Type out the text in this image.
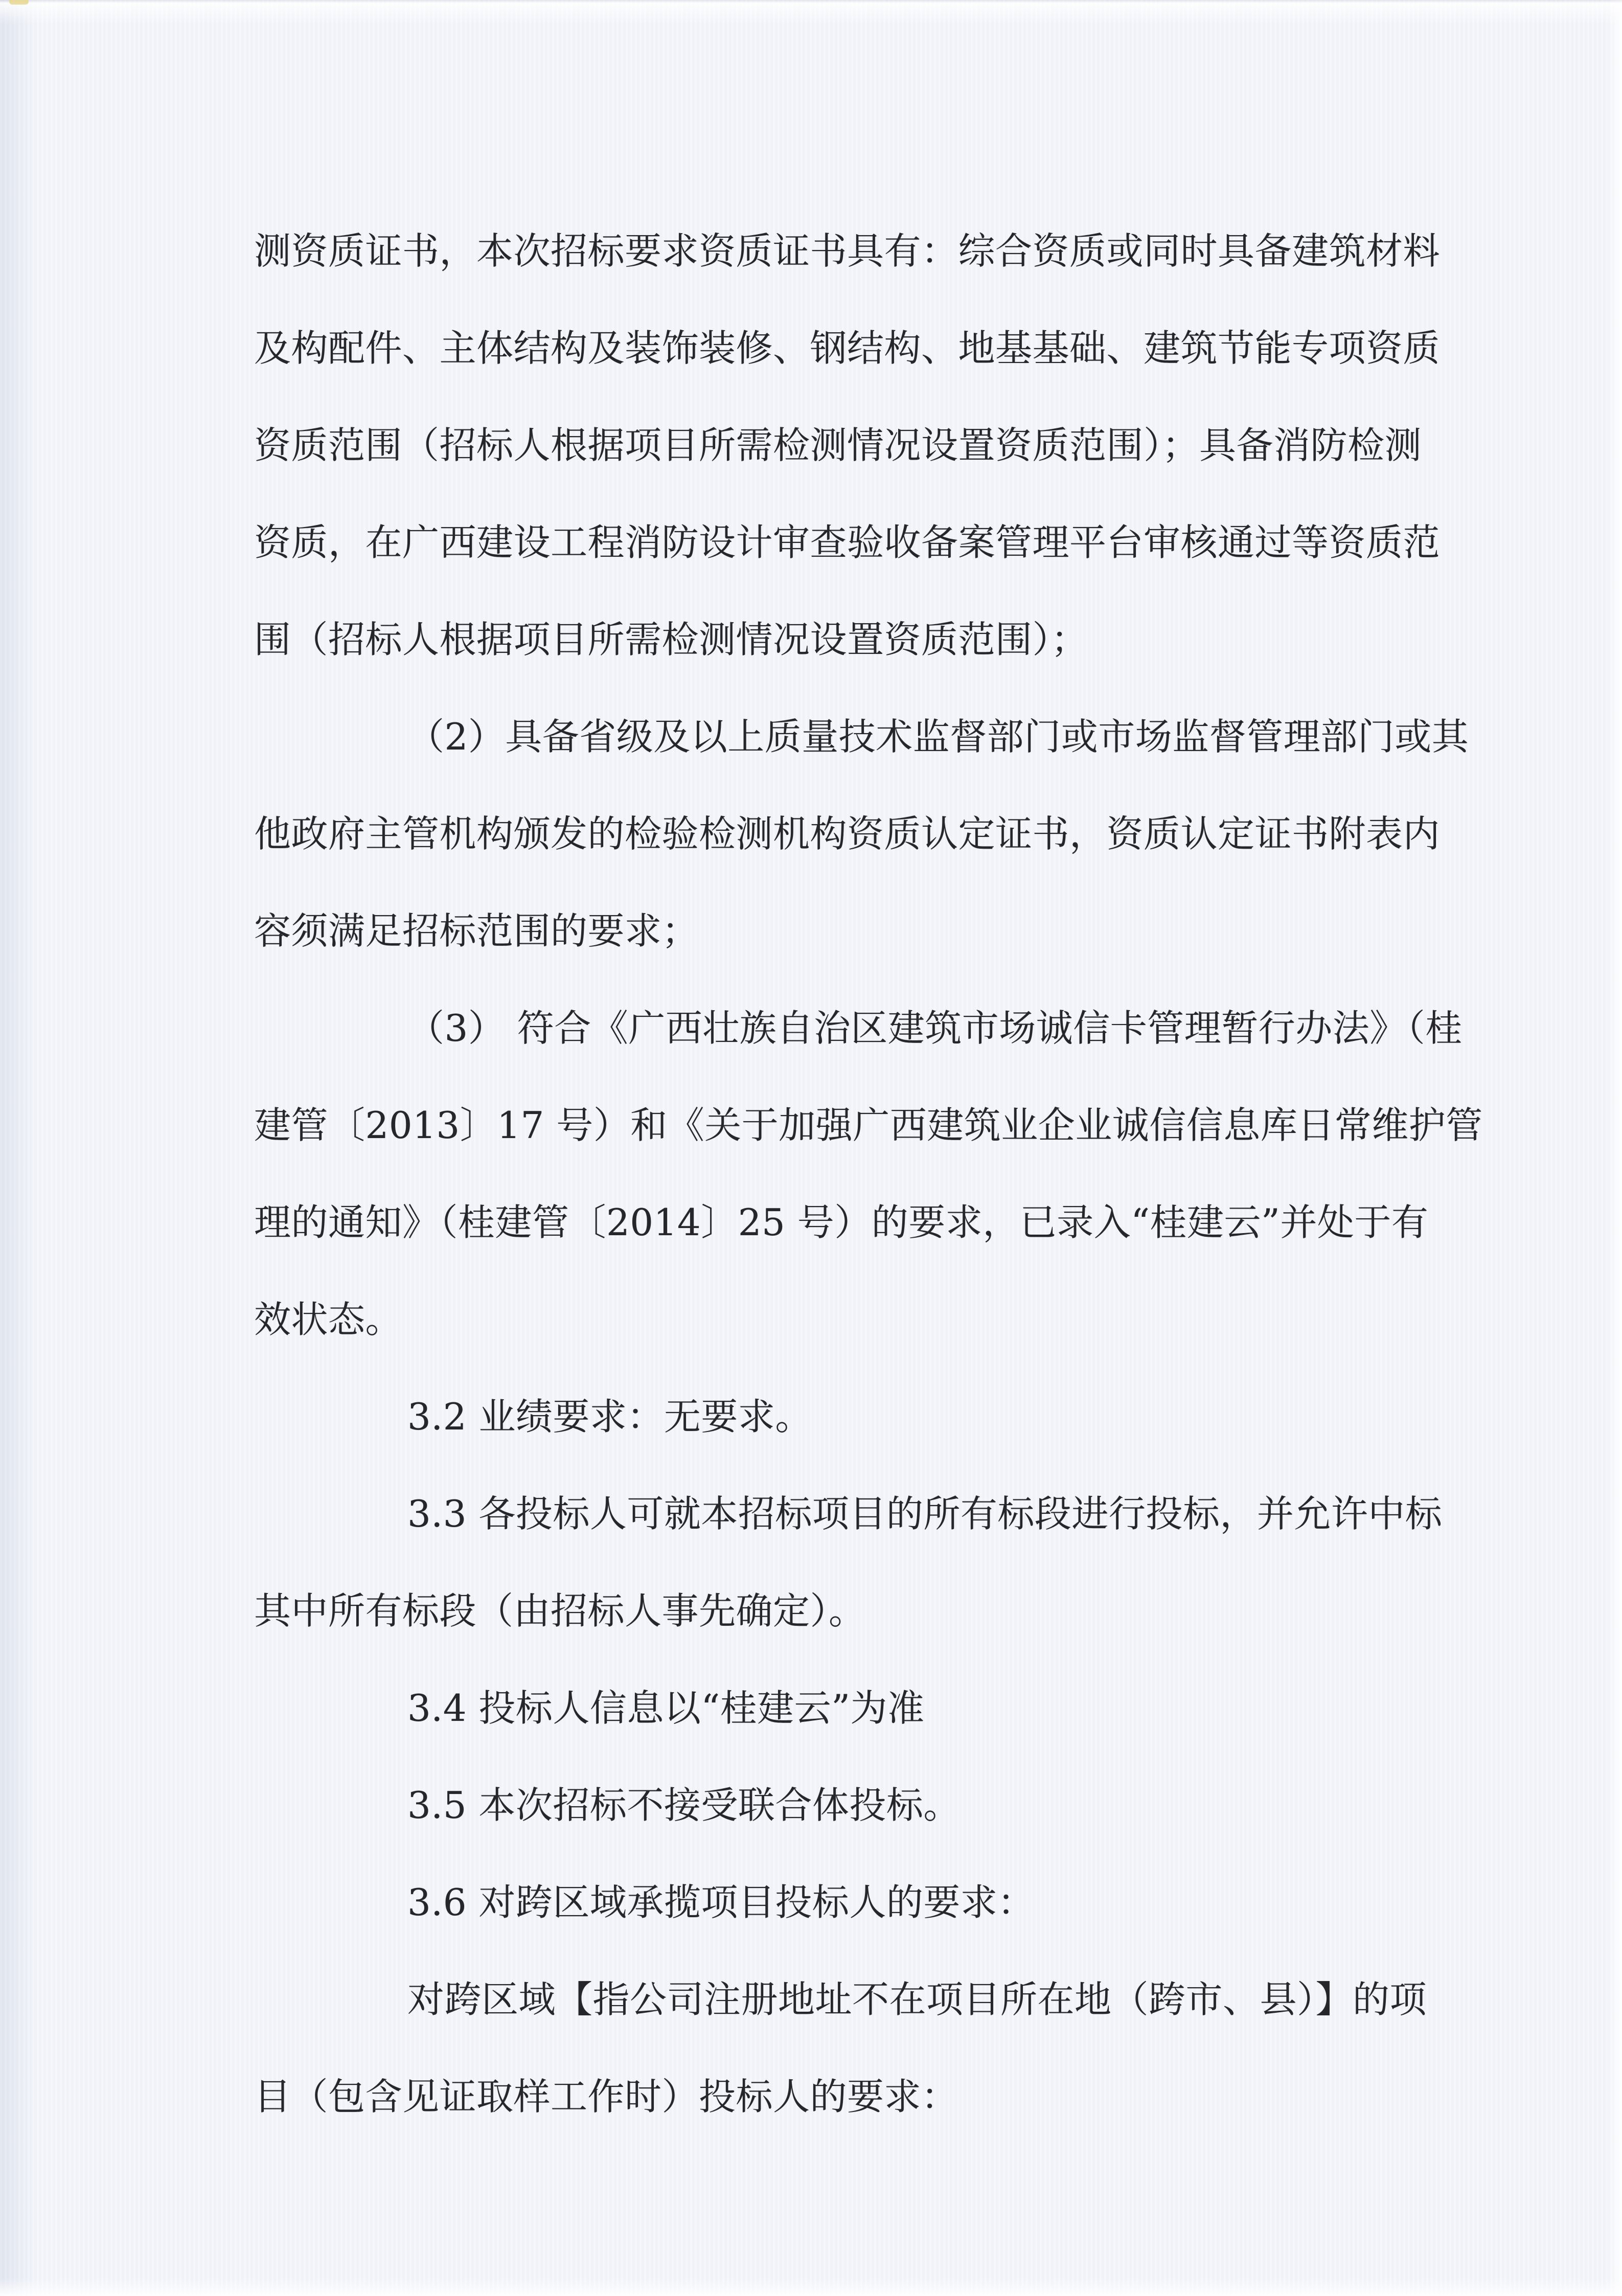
测资质证书，本次招标要求资质证书具有：综合资质或同时具备建筑材料

及构配件、主体结构及装饰装修、钢结构、地基基础、建筑节能专项资质

资质范围（招标人根据项目所需检测情况设置资质范围）；具备消防检测

资质，在广西建设工程消防设计审查验收备案管理平台审核通过等资质范

围（招标人根据项目所需检测情况设置资质范围）；

（2）具备省级及以上质量技术监督部门或市场监督管理部门或其

他政府主管机构颁发的检验检测机构资质认定证书，资质认定证书附表内

容须满足招标范围的要求；

（3） 符合《广西壮族自治区建筑市场诚信卡管理暂行办法》（桂

建管〔2013〕17 号）和《关于加强广西建筑业企业诚信信息库日常维护管

理的通知》（桂建管〔2014〕25 号）的要求，已录入“桂建云”并处于有

效状态。

3.2 业绩要求：无要求。

3.3 各投标人可就本招标项目的所有标段进行投标，并允许中标

其中所有标段（由招标人事先确定）。

3.4 投标人信息以“桂建云”为准

3.5 本次招标不接受联合体投标。

3.6 对跨区域承揽项目投标人的要求：

对跨区域【指公司注册地址不在项目所在地（跨市、县）】的项

目（包含见证取样工作时）投标人的要求：
